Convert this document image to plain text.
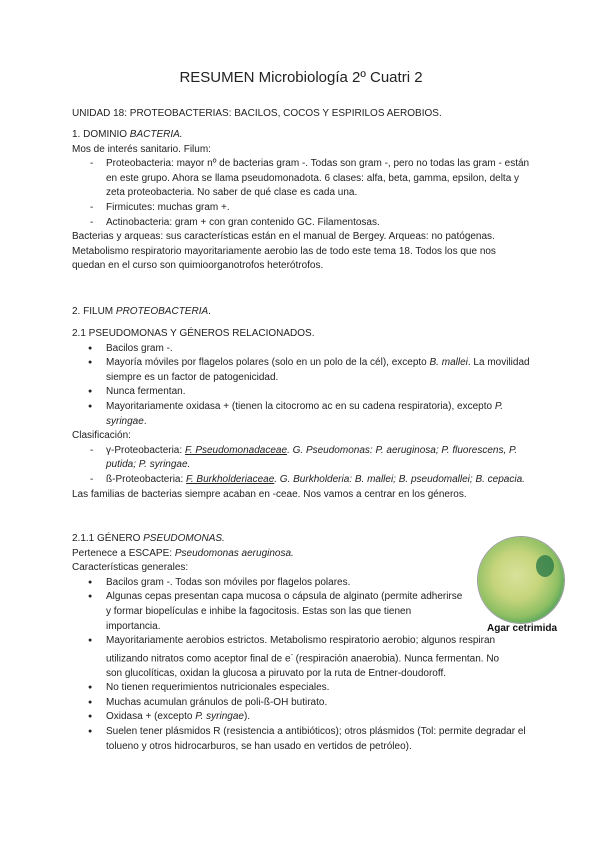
RESUMEN Microbiología 2º Cuatri 2
UNIDAD 18: PROTEOBACTERIAS: BACILOS, COCOS Y ESPIRILOS AEROBIOS.

1. DOMINIO BACTERIA.

Mos de interés sanitario. Filum:

- Proteobacteria: mayor nº de bacterias gram -. Todas son gram -, pero no todas las gram - están en este grupo. Ahora se llama pseudomonadota. 6 clases: alfa, beta, gamma, epsilon, delta y zeta proteobacteria. No saber de qué clase es cada una.
- Firmicutes: muchas gram +.
- Actinobacteria: gram + con gran contenido GC. Filamentosas.

Bacterias y arqueas: sus características están en el manual de Bergey. Arqueas: no patógenas.

Metabolismo respiratorio mayoritariamente aerobio las de todo este tema 18. Todos los que nos quedan en el curso son quimioorganotrofos heterótrofos.

2. FILUM PROTEOBACTERIA.

2.1 PSEUDOMONAS Y GÉNEROS RELACIONADOS.

● Bacilos gram -.
● Mayoría móviles por flagelos polares (solo en un polo de la cél), excepto B. mallei. La movilidad siempre es un factor de patogenicidad.
● Nunca fermentan.
● Mayoritariamente oxidasa + (tienen la citocromo ac en su cadena respiratoria), excepto P. syringae.

Clasificación:

- γ-Proteobacteria: F. Pseudomonadaceae. G. Pseudomonas: P. aeruginosa; P. fluorescens, P. putida; P. syringae.
- ß-Proteobacteria: F. Burkholderiaceae. G. Burkholderia: B. mallei; B. pseudomallei; B. cepacia.

Las familias de bacterias siempre acaban en -ceae. Nos vamos a centrar en los géneros.

2.1.1 GÉNERO PSEUDOMONAS.

Pertenece a ESCAPE: Pseudomonas aeruginosa.

Características generales:

● Bacilos gram -. Todas son móviles por flagelos polares.
● Algunas cepas presentan capa mucosa o cápsula de alginato (permite adherirse y formar biopelículas e inhibe la fagocitosis. Estas son las que tienen importancia.
● Mayoritariamente aerobios estrictos. Metabolismo respiratorio aerobio; algunos respiran utilizando nitratos como aceptor final de e- (respiración anaerobia). Nunca fermentan. No son glucolíticas, oxidan la glucosa a piruvato por la ruta de Entner-doudoroff.
● No tienen requerimientos nutricionales especiales.
● Muchas acumulan gránulos de poli-ß-OH butirato.
● Oxidasa + (excepto P. syringae).
● Suelen tener plásmidos R (resistencia a antibióticos); otros plásmidos (Tol: permite degradar el tolueno y otros hidrocarburos, se han usado en vertidos de petróleo).
Agar cetrimida
